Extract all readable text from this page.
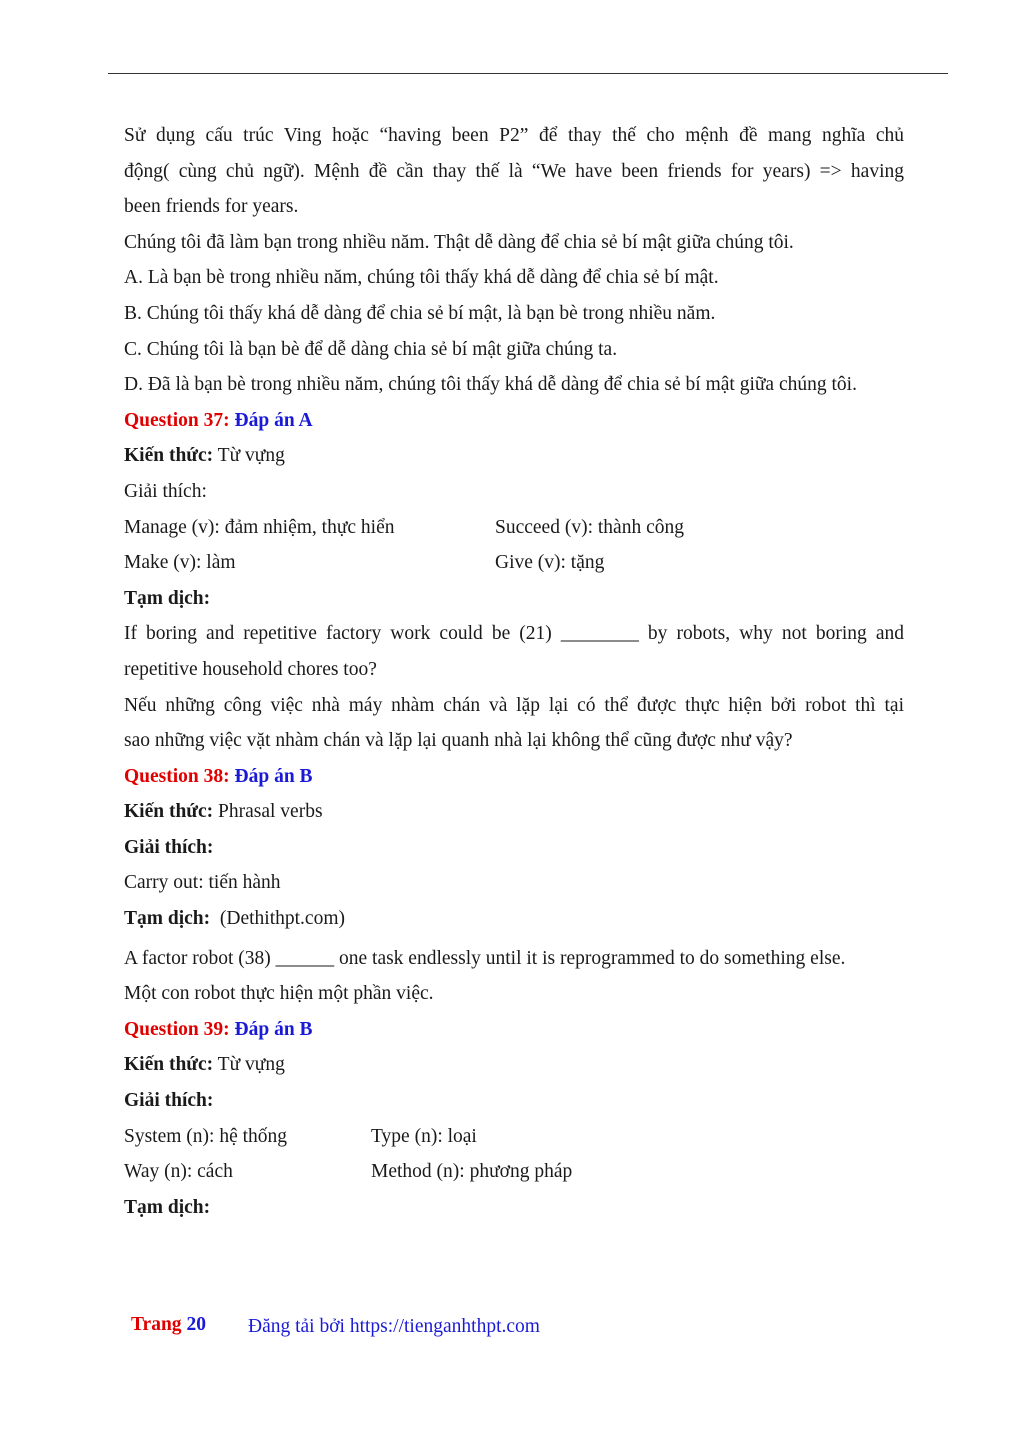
Sử dụng cấu trúc Ving hoặc “having been P2” để thay thế cho mệnh đề mang nghĩa chủ

động( cùng chủ ngữ). Mệnh đề cần thay thế là “We have been friends for years) => having

been friends for years.

Chúng tôi đã làm bạn trong nhiều năm. Thật dễ dàng để chia sẻ bí mật giữa chúng tôi.

A. Là bạn bè trong nhiều năm, chúng tôi thấy khá dễ dàng để chia sẻ bí mật.

B. Chúng tôi thấy khá dễ dàng để chia sẻ bí mật, là bạn bè trong nhiều năm.

C. Chúng tôi là bạn bè để dễ dàng chia sẻ bí mật giữa chúng ta.

D. Đã là bạn bè trong nhiều năm, chúng tôi thấy khá dễ dàng để chia sẻ bí mật giữa chúng tôi.

Question 37: Đáp án A

Kiến thức: Từ vựng

Giải thích:

Manage (v): đảm nhiệm, thực hiển	Succeed (v): thành công
Make (v): làm	Give (v): tặng

Tạm dịch:

If boring and repetitive factory work could be (21) ________ by robots, why not boring and

repetitive household chores too?

Nếu những công việc nhà máy nhàm chán và lặp lại có thể được thực hiện bởi robot thì tại

sao những việc vặt nhàm chán và lặp lại quanh nhà lại không thể cũng được như vậy?

Question 38: Đáp án B

Kiến thức: Phrasal verbs

Giải thích:

Carry out: tiến hành

Tạm dịch: (Dethithpt.com)

A factor robot (38) ______ one task endlessly until it is reprogrammed to do something else.

Một con robot thực hiện một phần việc.

Question 39: Đáp án B

Kiến thức: Từ vựng

Giải thích:

System (n): hệ thống	Type (n): loại
Way (n): cách	Method (n): phương pháp

Tạm dịch:

Trang 20 Đăng tải bởi https://tienganhthpt.com
